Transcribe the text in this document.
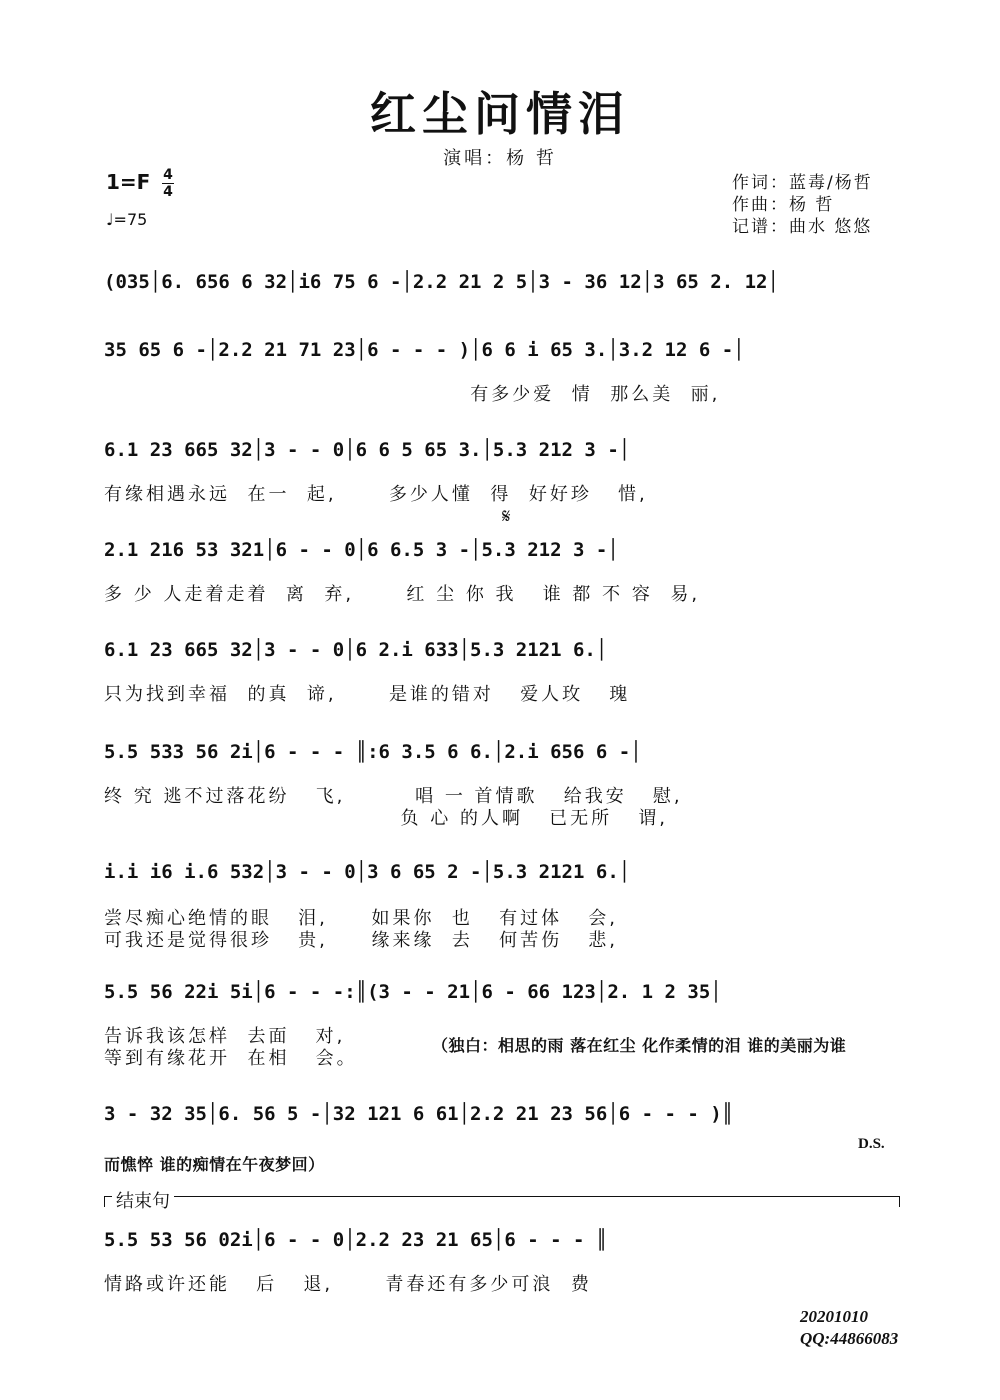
红尘问情泪
演唱：杨 哲
1=F 4
4
♩=75
作词：蓝毒/杨哲
作曲：杨 哲
记谱：曲水 悠悠
(035│6. 656 6 32│i6 75 6 -│2.2 21 2 5│3 - 36 12│3 65 2. 12│
35 65 6 -│2.2 21 71 23│6 - - - )│6 6 i 65 3.│3.2 12 6 -│
有多少爱  情  那么美  丽,
6.1 23 665 32│3 - - 0│6 6 5 65 3.│5.3 212 3 -│
有缘相遇永远  在一  起,      多少人懂  得  好好珍   惜,
𝄋
2.1 216 53 321│6 - - 0│6 6.5 3 -│5.3 212 3 -│
多 少 人走着走着  离  弃,      红 尘 你 我   谁 都 不 容  易,
6.1 23 665 32│3 - - 0│6 2.i 633│5.3 2121 6.│
只为找到幸福  的真  谛,      是谁的错对   爱人玫   瑰
5.5 533 56 2i│6 - - - ║:6 3.5 6 6.│2.i 656 6 -│
终 究 逃不过落花纷   飞,        唱 一 首情歌   给我安   慰,
负 心 的人啊   已无所   谓,
i.i i6 i.6 532│3 - - 0│3 6 65 2 -│5.3 2121 6.│
尝尽痴心绝情的眼   泪,     如果你  也   有过体   会,
可我还是觉得很珍   贵,     缘来缘  去   何苦伤   悲,
5.5 56 22i 5i│6 - - -:║(3 - - 21│6 - 66 123│2. 1 2 35│
告诉我该怎样  去面   对,
等到有缘花开  在相   会。
（独白：相思的雨 落在红尘 化作柔情的泪 谁的美丽为谁
3 - 32 35│6. 56 5 -│32 121 6 61│2.2 21 23 56│6 - - - )║
D.S.
而憔悴 谁的痴情在午夜梦回）
结束句
5.5 53 56 02i│6 - - 0│2.2 23 21 65│6 - - - ║
情路或许还能   后   退,      青春还有多少可浪  费
20201010
QQ:44866083
